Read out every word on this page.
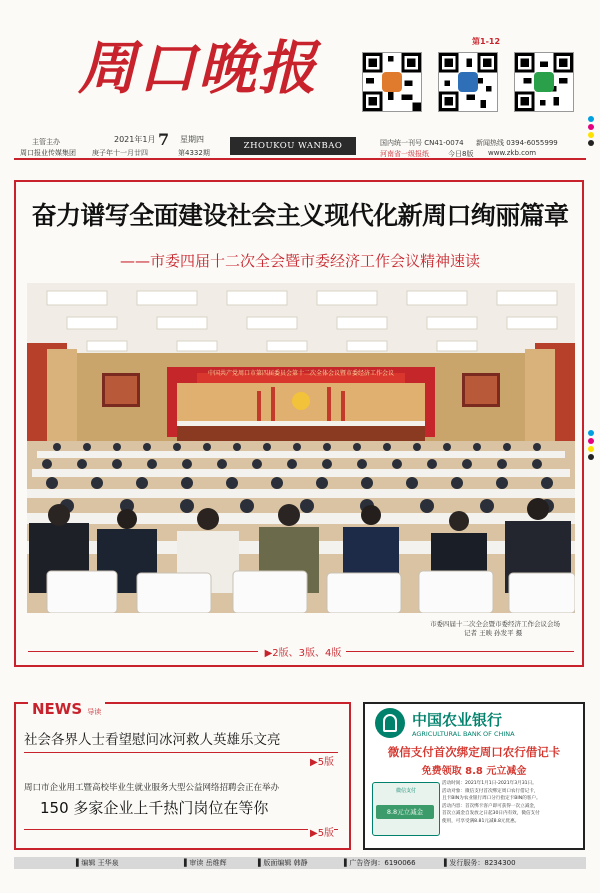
周口晚报	第1-12
主管主办
周口报业传媒集团
2021年1月 7 星期四
庚子年十一月廿四	第4332期
ZHOUKOU WANBAO	国内统一刊号 CN41-0074 新闻热线 0394-6055999
河南省一级报纸	今日8版 www.zkb.com
奋力谱写全面建设社会主义现代化新周口绚丽篇章
——市委四届十二次全会暨市委经济工作会议精神速读
中国共产党周口市第四届委员会第十二次全体会议暨市委经济工作会议
市委四届十二次全会暨市委经济工作会议会场
记者 王映 孙发平 摄
▶2版、3版、4版
NEWS 导读
社会各界人士看望慰问冰河救人英雄乐文亮
▶5版
周口市企业用工暨高校毕业生就业服务大型公益网络招聘会正在举办
150 多家企业上千热门岗位在等你
▶5版
中国农业银行
AGRICULTURAL BANK OF CHINA
微信支付首次绑定周口农行借记卡
免费领取 8.8 元立减金
微信支付
8.8元立减金
活动时间：2021年1月1日-2021年3月31日。
活动对象：微信支付首次绑定周口农行借记卡，
且卡BIN为农业银行周口分行指定卡BIN的客户。
活动内容：首次绑卡客户即可获得一次立减金，
首次立减金自发放之日起30日内有效，微信支付
使用，可享受满8.81元减8.8元优惠。
▌编辑 王华泉	▌审读 岳维辉	▌版面编辑 韩静	▌广告咨询：6190066	▌发行服务：8234300
